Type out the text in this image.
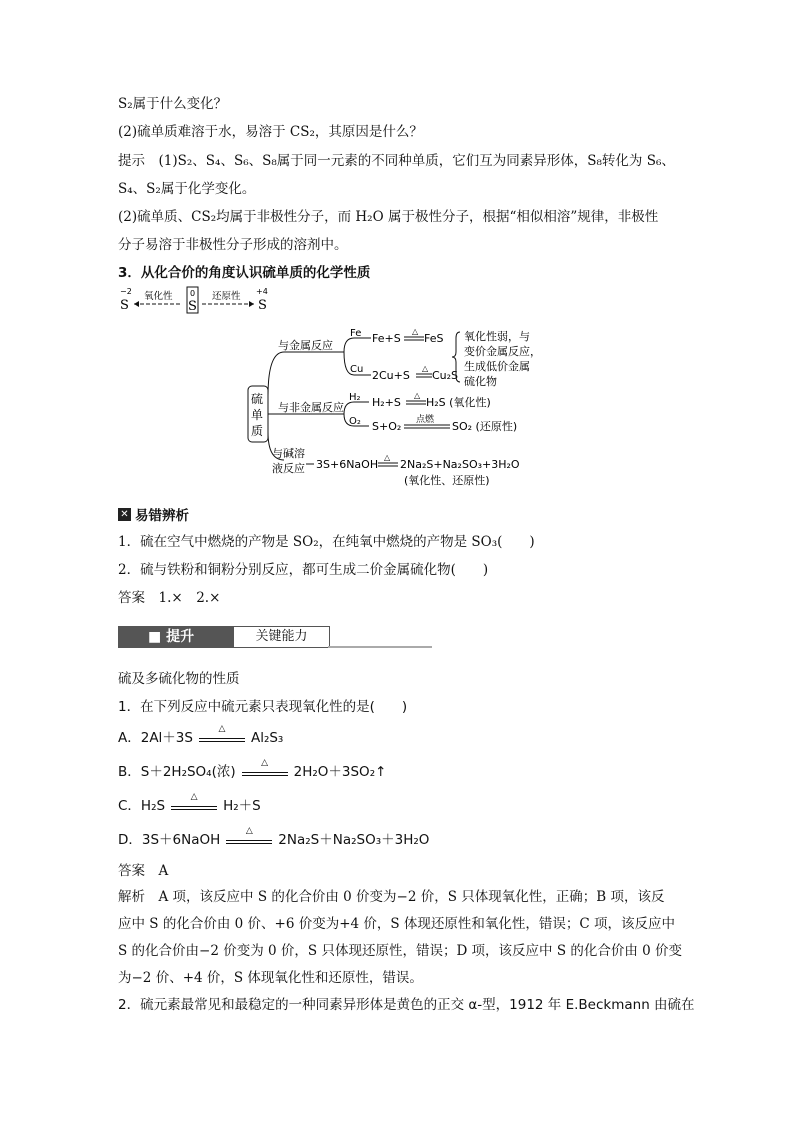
S₂属于什么变化？
(2)硫单质难溶于水，易溶于 CS₂，其原因是什么？
提示　(1)S₂、S₄、S₆、S₈属于同一元素的不同种单质，它们互为同素异形体，S₈转化为 S₆、
S₄、S₂属于化学变化。
(2)硫单质、CS₂均属于非极性分子，而 H₂O 属于极性分子，根据“相似相溶”规律，非极性
分子易溶于非极性分子形成的溶剂中。
3．从化合价的角度认识硫单质的化学性质
−2
S
氧化性 0
S
还原性 +4
S
硫
单
质
与金属反应
与非金属反应
与碱溶
液反应
Fe
Cu
Fe+S
△
FeS
2Cu+S
△
Cu₂S
氧化性弱，与
变价金属反应，
生成低价金属
硫化物
H₂
O₂
H₂+S
△
H₂S (氧化性)
S+O₂ 点燃 SO₂ (还原性)
3S+6NaOH
△
2Na₂S+Na₂SO₃+3H₂O
(氧化性、还原性)
✕ 易错辨析
1．硫在空气中燃烧的产物是 SO₂，在纯氧中燃烧的产物是 SO₃(　　)
2．硫与铁粉和铜粉分别反应，都可生成二价金属硫化物(　　)
答案　1.×　2.×
■ 提升	关键能力
硫及多硫化物的性质
1．在下列反应中硫元素只表现氧化性的是(　　)
A．2Al＋3S
△
Al₂S₃
B．S＋2H₂SO₄(浓)
△
2H₂O＋3SO₂↑
C．H₂S
△
H₂＋S
D．3S＋6NaOH
△
2Na₂S＋Na₂SO₃＋3H₂O
答案　A
解析　A 项，该反应中 S 的化合价由 0 价变为−2 价，S 只体现氧化性，正确；B 项，该反
应中 S 的化合价由 0 价、+6 价变为+4 价，S 体现还原性和氧化性，错误；C 项，该反应中
S 的化合价由−2 价变为 0 价，S 只体现还原性，错误；D 项，该反应中 S 的化合价由 0 价变
为−2 价、+4 价，S 体现氧化性和还原性，错误。
2．硫元素最常见和最稳定的一种同素异形体是黄色的正交 α-型，1912 年 E.Beckmann 由硫在
